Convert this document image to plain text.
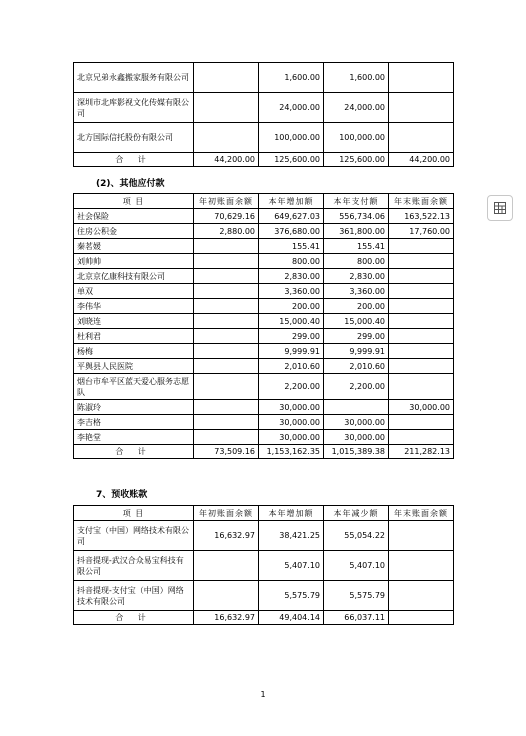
北京兄弟永鑫搬家服务有限公司		1,600.00	1,600.00	
深圳市北库影视文化传媒有限公司		24,000.00	24,000.00	
北方国际信托股份有限公司		100,000.00	100,000.00	
合 计	44,200.00	125,600.00	125,600.00	44,200.00
(2)、其他应付款
项 目	年初账面余额	本年增加额	本年支付额	年末账面余额
社会保险	70,629.16	649,627.03	556,734.06	163,522.13
住房公积金	2,880.00	376,680.00	361,800.00	17,760.00
秦茗媛		155.41	155.41	
刘帅帅		800.00	800.00	
北京京亿康科技有限公司		2,830.00	2,830.00	
单双		3,360.00	3,360.00	
李伟华		200.00	200.00	
刘晓连		15,000.40	15,000.40	
杜利君		299.00	299.00	
杨梅		9,999.91	9,999.91	
平舆县人民医院		2,010.60	2,010.60	
烟台市牟平区蓝天爱心服务志愿队		2,200.00	2,200.00	
陈淑玲		30,000.00		30,000.00
李吉格		30,000.00	30,000.00	
李艳堂		30,000.00	30,000.00	
合 计	73,509.16	1,153,162.35	1,015,389.38	211,282.13
7、预收账款
项 目	年初账面余额	本年增加额	本年减少额	年末账面余额
支付宝（中国）网络技术有限公司	16,632.97	38,421.25	55,054.22	
抖音提现-武汉合众易宝科技有限公司		5,407.10	5,407.10	
抖音提现-支付宝（中国）网络技术有限公司		5,575.79	5,575.79	
合 计	16,632.97	49,404.14	66,037.11	
1
